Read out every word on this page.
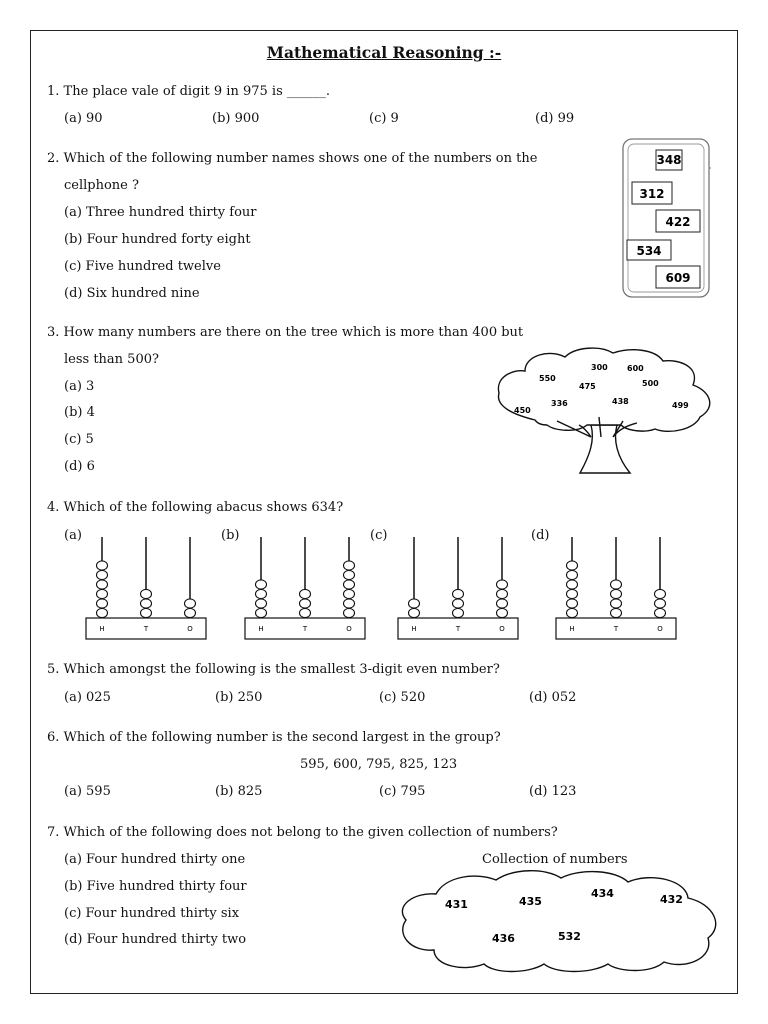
Mathematical Reasoning :-
1. The place vale of digit 9 in 975 is ______.
(a) 90	(b) 900	(c) 9	(d) 99
2. Which of the following number names shows one of the numbers on the
cellphone ?
(a) Three hundred thirty four
(b) Four hundred forty eight
(c) Five hundred twelve
(d) Six hundred nine
348
312
422
534
609
3. How many numbers are there on the tree which is more than 400 but
less than 500?
(a) 3
(b) 4
(c) 5
(d) 6
300 600
550
475	500
450
336	438	499
4. Which of the following abacus shows 634?
(a)	(b)	(c)	(d)
H	T	O	H	T	O	H	T	O	H	T	O
5. Which amongst the following is the smallest 3-digit even number?
(a) 025	(b) 250	(c) 520	(d) 052
6. Which of the following number is the second largest in the group?
595, 600, 795, 825, 123
(a) 595	(b) 825	(c) 795	(d) 123
7. Which of the following does not belong to the given collection of numbers?
(a) Four hundred thirty one
(b) Five hundred thirty four
(c) Four hundred thirty six
(d) Four hundred thirty two
Collection of numbers
434
435	432
431
436	532
